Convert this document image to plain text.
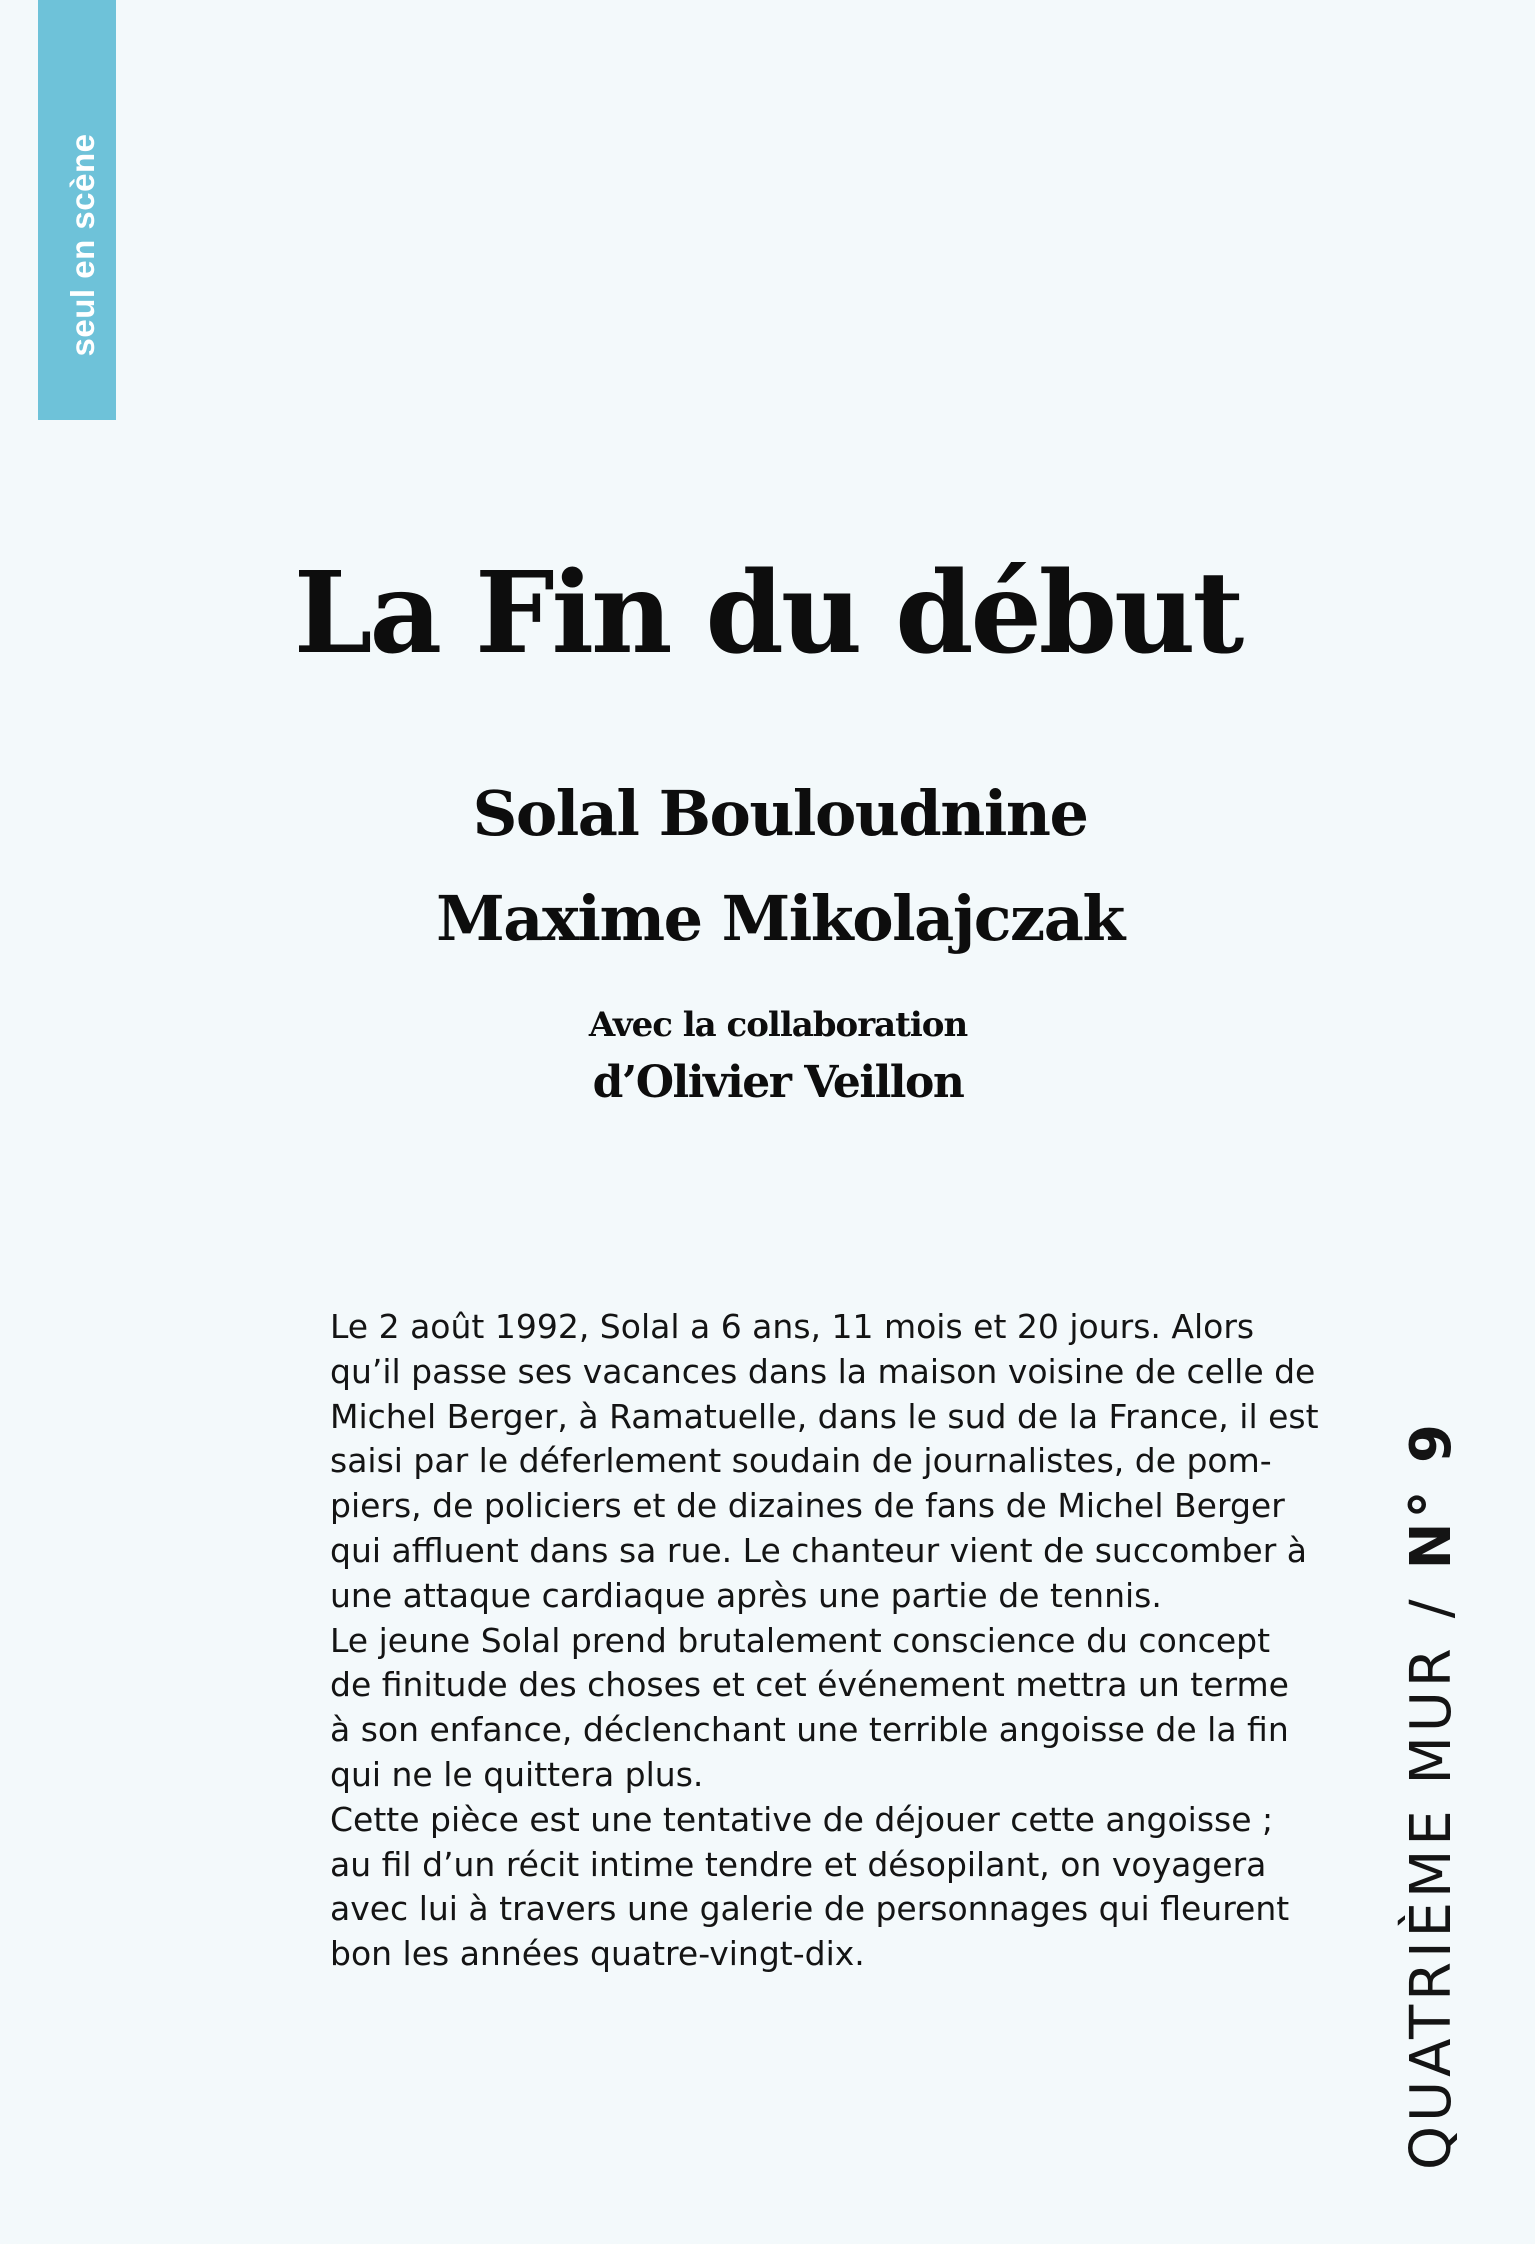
seul en scène
La Fin du début
Solal Bouloudnine
Maxime Mikolajczak
Avec la collaboration
d’Olivier Veillon
Le 2 août 1992, Solal a 6 ans, 11 mois et 20 jours. Alors
qu’il passe ses vacances dans la maison voisine de celle de
Michel Berger, à Ramatuelle, dans le sud de la France, il est
saisi par le déferlement soudain de journalistes, de pom-
piers, de policiers et de dizaines de fans de Michel Berger
qui affluent dans sa rue. Le chanteur vient de succomber à
une attaque cardiaque après une partie de tennis.
Le jeune Solal prend brutalement conscience du concept
de finitude des choses et cet événement mettra un terme
à son enfance, déclenchant une terrible angoisse de la fin
qui ne le quittera plus.
Cette pièce est une tentative de déjouer cette angoisse ;
au fil d’un récit intime tendre et désopilant, on voyagera
avec lui à travers une galerie de personnages qui fleurent
bon les années quatre-vingt-dix.	QUATRIÈME MUR/N° 9
